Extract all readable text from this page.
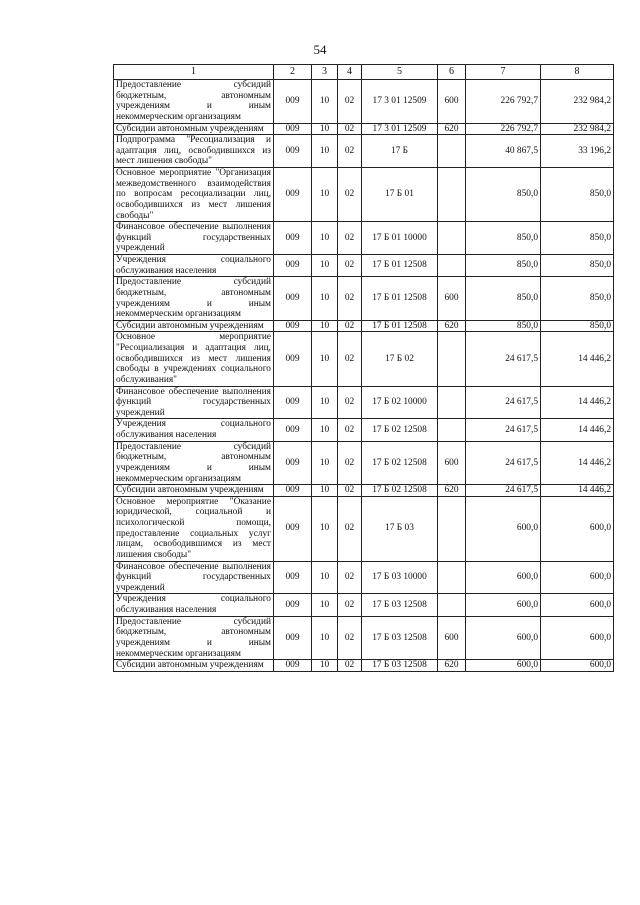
54
1	2	3	4	5	6	7	8
Предоставление субсидий бюджетным, автономным учреждениям и иным некоммерческим организациям	009	10	02	17 3 01 12509	600	226 792,7	232 984,2
Субсидии автономным учреждениям	009	10	02	17 3 01 12509	620	226 792,7	232 984,2
Подпрограмма "Ресоциализация и адаптация лиц, освободившихся из мест лишения свободы"	009	10	02	17 Б		40 867,5	33 196,2
Основное мероприятие "Организация межведомственного взаимодействия по вопросам ресоциализации лиц, освободившихся из мест лишения свободы"	009	10	02	17 Б 01		850,0	850,0
Финансовое обеспечение выполнения функций государственных учреждений	009	10	02	17 Б 01 10000		850,0	850,0
Учреждения социального обслуживания населения	009	10	02	17 Б 01 12508		850,0	850,0
Предоставление субсидий бюджетным, автономным учреждениям и иным некоммерческим организациям	009	10	02	17 Б 01 12508	600	850,0	850,0
Субсидии автономным учреждениям	009	10	02	17 Б 01 12508	620	850,0	850,0
Основное мероприятие "Ресоциализация и адаптация лиц, освободившихся из мест лишения свободы в учреждениях социального обслуживания"	009	10	02	17 Б 02		24 617,5	14 446,2
Финансовое обеспечение выполнения функций государственных учреждений	009	10	02	17 Б 02 10000		24 617,5	14 446,2
Учреждения социального обслуживания населения	009	10	02	17 Б 02 12508		24 617,5	14 446,2
Предоставление субсидий бюджетным, автономным учреждениям и иным некоммерческим организациям	009	10	02	17 Б 02 12508	600	24 617,5	14 446,2
Субсидии автономным учреждениям	009	10	02	17 Б 02 12508	620	24 617,5	14 446,2
Основное мероприятие "Оказание юридической, социальной и психологической помощи, предоставление социальных услуг лицам, освободившимся из мест лишения свободы"	009	10	02	17 Б 03		600,0	600,0
Финансовое обеспечение выполнения функций государственных учреждений	009	10	02	17 Б 03 10000		600,0	600,0
Учреждения социального обслуживания населения	009	10	02	17 Б 03 12508		600,0	600,0
Предоставление субсидий бюджетным, автономным учреждениям и иным некоммерческим организациям	009	10	02	17 Б 03 12508	600	600,0	600,0
Субсидии автономным учреждениям	009	10	02	17 Б 03 12508	620	600,0	600,0
